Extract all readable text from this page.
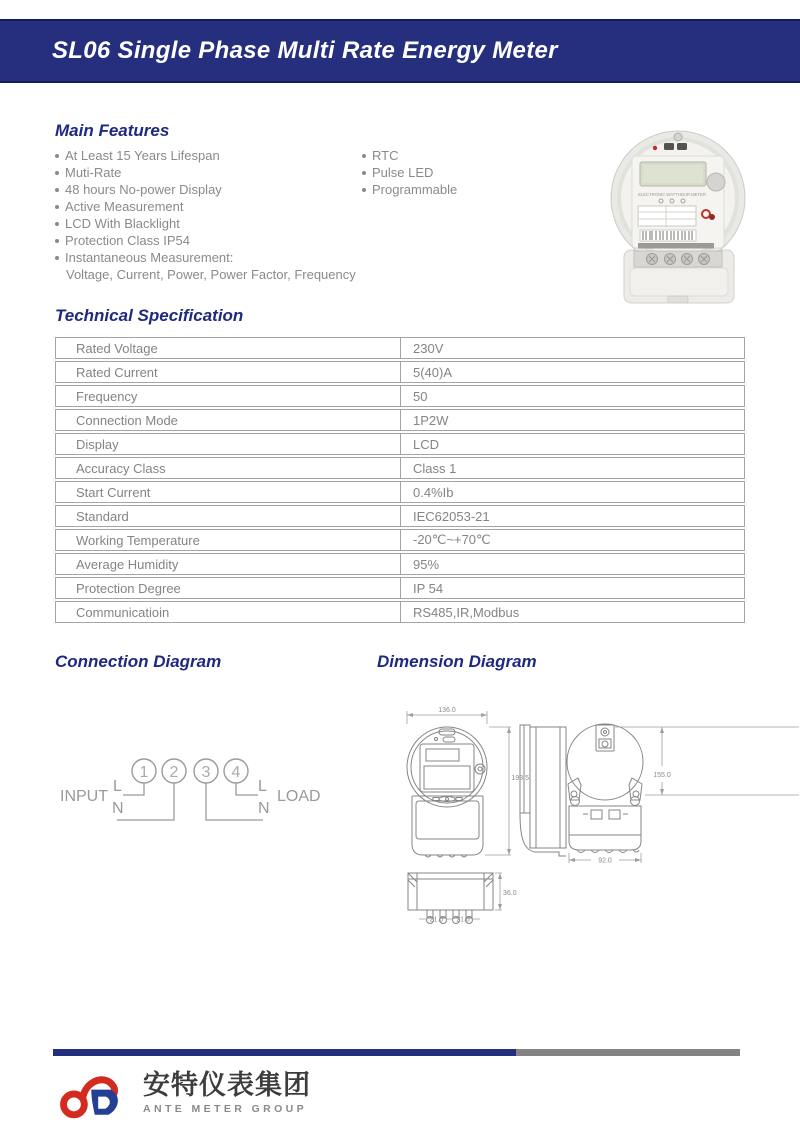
SL06 Single Phase Multi Rate Energy Meter
Main Features
At Least 15 Years Lifespan
Muti-Rate
48 hours No-power Display
Active Measurement
LCD With Blacklight
Protection Class IP54
Instantaneous Measurement:
Voltage, Current, Power, Power Factor, Frequency
RTC
Pulse LED
Programmable	ELECTRONIC WATTHOUR METER
Technical Specification
Rated Voltage	230V
Rated Current	5(40)A
Frequency	50
Connection Mode	1P2W
Display	LCD
Accuracy Class	Class 1
Start Current	0.4%Ib
Standard	IEC62053-21
Working Temperature	-20℃~+70℃
Average Humidity	95%
Protection Degree	IP 54
Communicatioin	RS485,IR,Modbus
Connection Diagram	Dimension Diagram
1 2 3 4
INPUT
L
N
L
N
LOAD
136.0
193.5	155.0
92.0
36.0
21.0 21.0
安特仪表集团
ANTE METER GROUP
